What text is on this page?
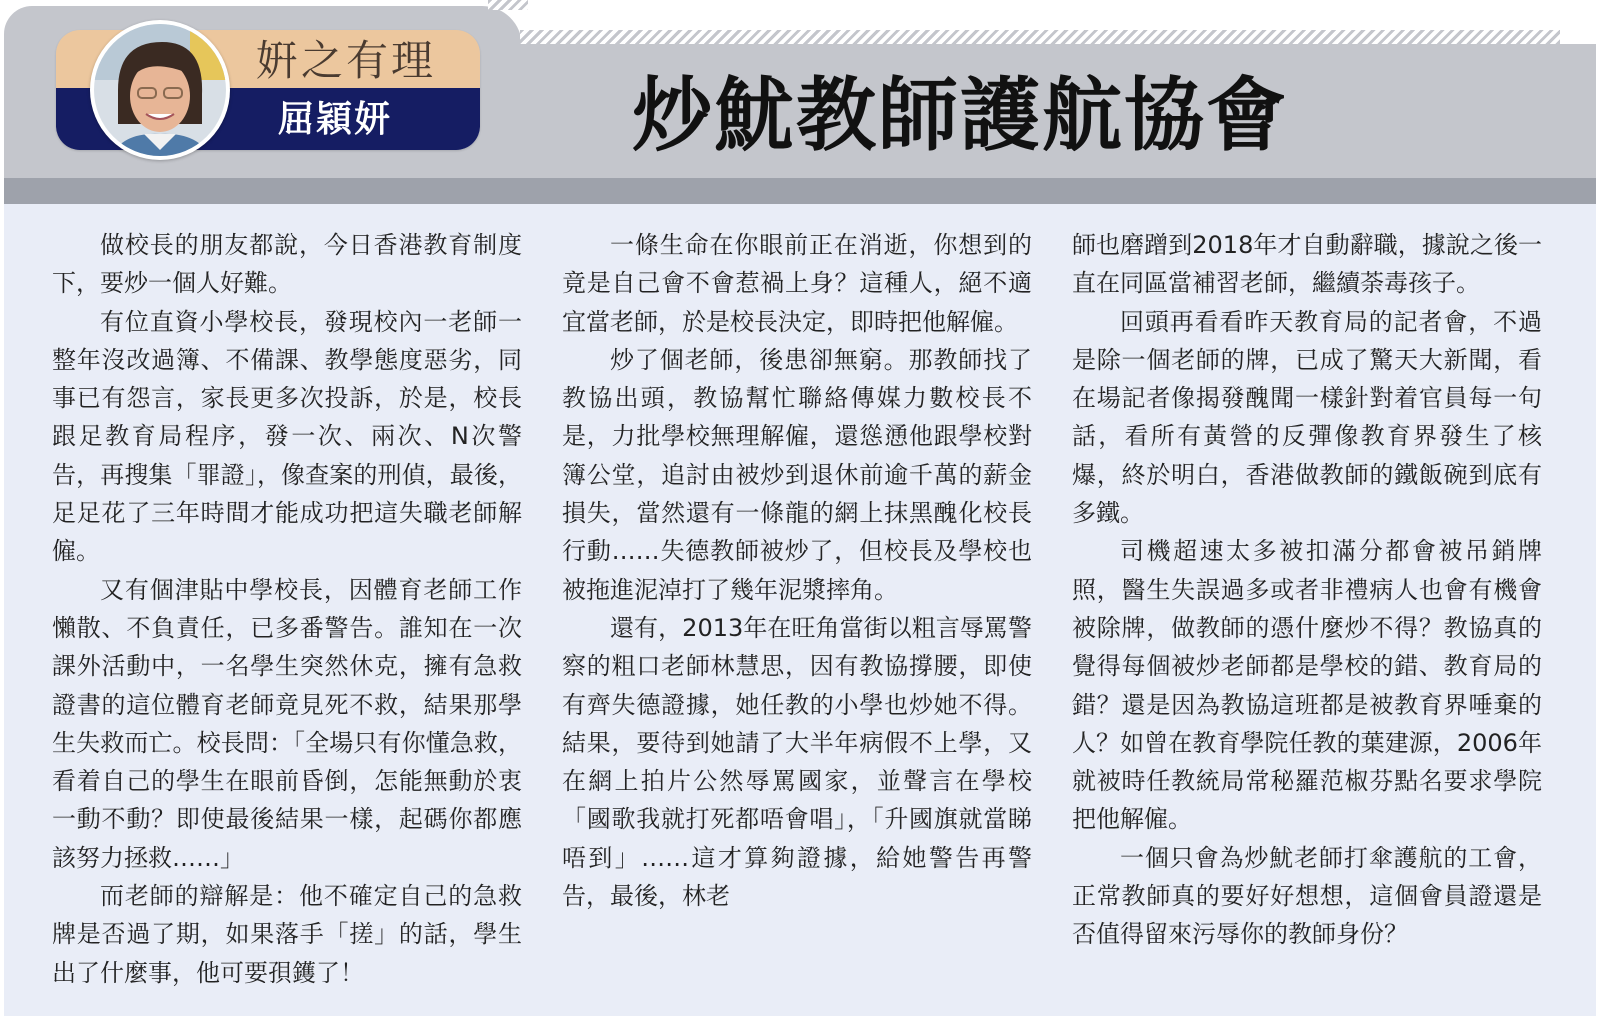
姸之有理
屈穎妍	炒魷教師護航協會

做校長的朋友都說，今日香港教育制度下，要炒一個人好難。

有位直資小學校長，發現校內一老師一整年沒改過簿、不備課、教學態度惡劣，同事已有怨言，家長更多次投訴，於是，校長跟足教育局程序，發一次、兩次、N次警告，再搜集「罪證」，像查案的刑偵，最後，足足花了三年時間才能成功把這失職老師解僱。

又有個津貼中學校長，因體育老師工作懶散、不負責任，已多番警告。誰知在一次課外活動中，一名學生突然休克，擁有急救證書的這位體育老師竟見死不救，結果那學生失救而亡。校長問：「全場只有你懂急救，看着自己的學生在眼前昏倒，怎能無動於衷一動不動？即使最後結果一樣，起碼你都應該努力拯救……」

而老師的辯解是：他不確定自己的急救牌是否過了期，如果落手「搓」的話，學生出了什麼事，他可要孭鑊了！

一條生命在你眼前正在消逝，你想到的竟是自己會不會惹禍上身？這種人，絕不適宜當老師，於是校長決定，即時把他解僱。

炒了個老師，後患卻無窮。那教師找了教協出頭，教協幫忙聯絡傳媒力數校長不是，力批學校無理解僱，還慫慂他跟學校對簿公堂，追討由被炒到退休前逾千萬的薪金損失，當然還有一條龍的網上抹黑醜化校長行動……失德教師被炒了，但校長及學校也被拖進泥淖打了幾年泥漿摔角。

還有，2013年在旺角當街以粗言辱罵警察的粗口老師林慧思，因有教協撐腰，即使有齊失德證據，她任教的小學也炒她不得。結果，要待到她請了大半年病假不上學，又在網上拍片公然辱罵國家，並聲言在學校「國歌我就打死都唔會唱」，「升國旗就當睇唔到」……這才算夠證據，給她警告再警告，最後，林老

師也磨蹭到2018年才自動辭職，據說之後一直在同區當補習老師，繼續荼毒孩子。

回頭再看看昨天教育局的記者會，不過是除一個老師的牌，已成了驚天大新聞，看在場記者像揭發醜聞一樣針對着官員每一句話，看所有黃營的反彈像教育界發生了核爆，終於明白，香港做教師的鐵飯碗到底有多鐵。

司機超速太多被扣滿分都會被吊銷牌照，醫生失誤過多或者非禮病人也會有機會被除牌，做教師的憑什麼炒不得？教協真的覺得每個被炒老師都是學校的錯、教育局的錯？還是因為教協這班都是被教育界唾棄的人？如曾在教育學院任教的葉建源，2006年就被時任教統局常秘羅范椒芬點名要求學院把他解僱。

一個只會為炒魷老師打傘護航的工會，正常教師真的要好好想想，這個會員證還是否值得留來污辱你的教師身份？
